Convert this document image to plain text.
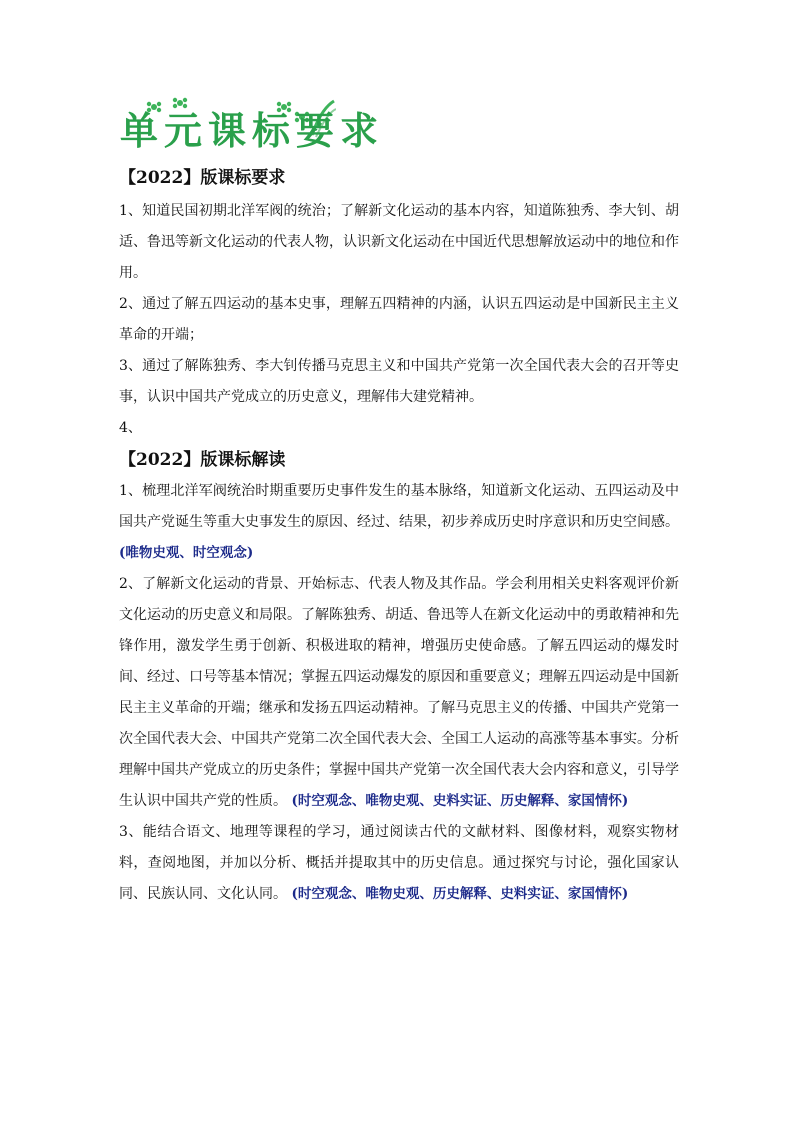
单元课标要求
【2022】版课标要求

1、知道民国初期北洋军阀的统治；了解新文化运动的基本内容，知道陈独秀、李大钊、胡适、鲁迅等新文化运动的代表人物，认识新文化运动在中国近代思想解放运动中的地位和作用。

2、通过了解五四运动的基本史事，理解五四精神的内涵，认识五四运动是中国新民主主义革命的开端；

3、通过了解陈独秀、李大钊传播马克思主义和中国共产党第一次全国代表大会的召开等史事，认识中国共产党成立的历史意义，理解伟大建党精神。

4、

【2022】版课标解读

1、梳理北洋军阀统治时期重要历史事件发生的基本脉络，知道新文化运动、五四运动及中国共产党诞生等重大史事发生的原因、经过、结果，初步养成历史时序意识和历史空间感。
(唯物史观、时空观念)

2、了解新文化运动的背景、开始标志、代表人物及其作品。学会利用相关史料客观评价新文化运动的历史意义和局限。了解陈独秀、胡适、鲁迅等人在新文化运动中的勇敢精神和先锋作用，激发学生勇于创新、积极进取的精神，增强历史使命感。了解五四运动的爆发时间、经过、口号等基本情况；掌握五四运动爆发的原因和重要意义；理解五四运动是中国新民主主义革命的开端；继承和发扬五四运动精神。了解马克思主义的传播、中国共产党第一次全国代表大会、中国共产党第二次全国代表大会、全国工人运动的高涨等基本事实。分析理解中国共产党成立的历史条件；掌握中国共产党第一次全国代表大会内容和意义，引导学生认识中国共产党的性质。 (时空观念、唯物史观、史料实证、历史解释、家国情怀)

3、能结合语文、地理等课程的学习，通过阅读古代的文献材料、图像材料，观察实物材料，查阅地图，并加以分析、概括并提取其中的历史信息。通过探究与讨论，强化国家认同、民族认同、文化认同。 (时空观念、唯物史观、历史解释、史料实证、家国情怀)
